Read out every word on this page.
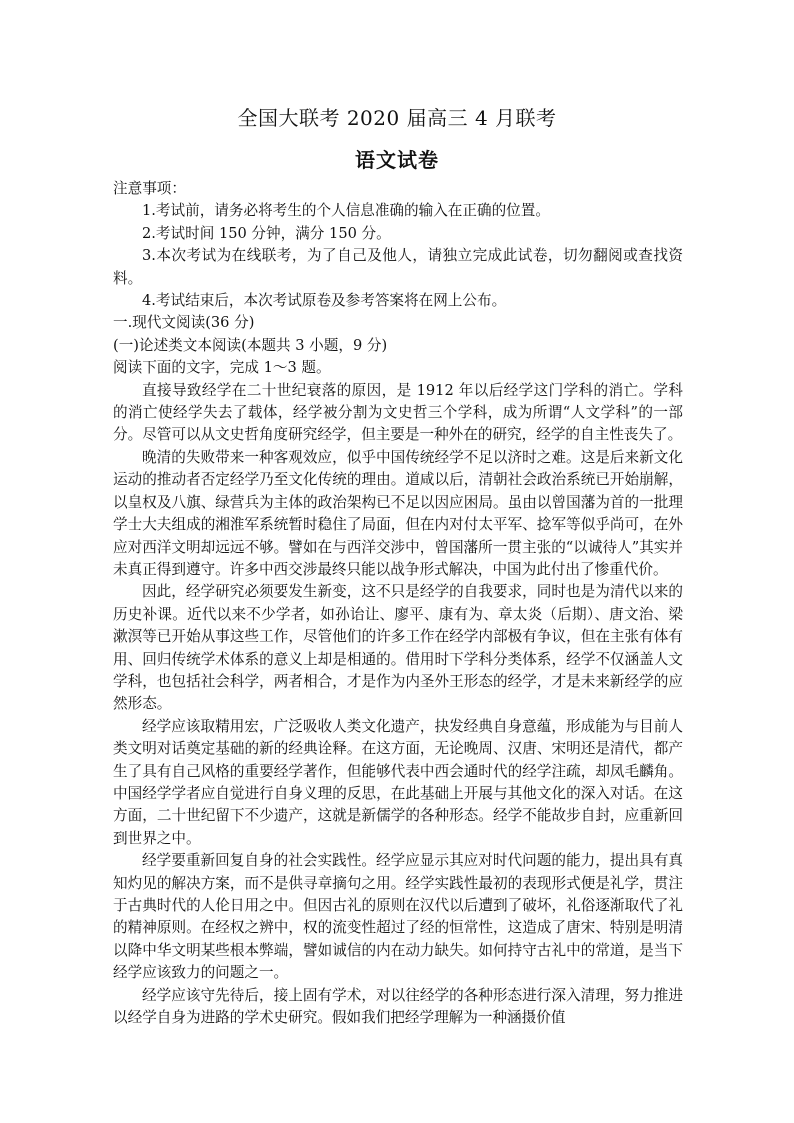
全国大联考 2020 届高三 4 月联考
语文试卷

注意事项：

1.考试前，请务必将考生的个人信息准确的输入在正确的位置。

2.考试时间 150 分钟，满分 150 分。

3.本次考试为在线联考，为了自己及他人，请独立完成此试卷，切勿翻阅或查找资料。

4.考试结束后，本次考试原卷及参考答案将在网上公布。

一.现代文阅读(36 分)

(一)论述类文本阅读(本题共 3 小题，9 分)

阅读下面的文字，完成 1～3 题。

直接导致经学在二十世纪衰落的原因，是 1912 年以后经学这门学科的消亡。学科的消亡使经学失去了载体，经学被分割为文史哲三个学科，成为所谓“人文学科”的一部分。尽管可以从文史哲角度研究经学，但主要是一种外在的研究，经学的自主性丧失了。

晚清的失败带来一种客观效应，似乎中国传统经学不足以济时之难。这是后来新文化运动的推动者否定经学乃至文化传统的理由。道咸以后，清朝社会政治系统已开始崩解，以皇权及八旗、绿营兵为主体的政治架构已不足以因应困局。虽由以曾国藩为首的一批理学士大夫组成的湘淮军系统暂时稳住了局面，但在内对付太平军、捻军等似乎尚可，在外应对西洋文明却远远不够。譬如在与西洋交涉中，曾国藩所一贯主张的“以诚待人”其实并未真正得到遵守。许多中西交涉最终只能以战争形式解决，中国为此付出了惨重代价。

因此，经学研究必须要发生新变，这不只是经学的自我要求，同时也是为清代以来的历史补课。近代以来不少学者，如孙诒让、廖平、康有为、章太炎（后期）、唐文治、梁漱溟等已开始从事这些工作，尽管他们的许多工作在经学内部极有争议，但在主张有体有用、回归传统学术体系的意义上却是相通的。借用时下学科分类体系，经学不仅涵盖人文学科，也包括社会科学，两者相合，才是作为内圣外王形态的经学，才是未来新经学的应然形态。

经学应该取精用宏，广泛吸收人类文化遗产，抉发经典自身意蕴，形成能为与目前人类文明对话奠定基础的新的经典诠释。在这方面，无论晚周、汉唐、宋明还是清代，都产生了具有自己风格的重要经学著作，但能够代表中西会通时代的经学注疏，却凤毛麟角。中国经学学者应自觉进行自身义理的反思，在此基础上开展与其他文化的深入对话。在这方面，二十世纪留下不少遗产，这就是新儒学的各种形态。经学不能故步自封，应重新回到世界之中。

经学要重新回复自身的社会实践性。经学应显示其应对时代问题的能力，提出具有真知灼见的解决方案，而不是供寻章摘句之用。经学实践性最初的表现形式便是礼学，贯注于古典时代的人伦日用之中。但因古礼的原则在汉代以后遭到了破坏，礼俗逐渐取代了礼的精神原则。在经权之辨中，权的流变性超过了经的恒常性，这造成了唐宋、特别是明清以降中华文明某些根本弊端，譬如诚信的内在动力缺失。如何持守古礼中的常道，是当下经学应该致力的问题之一。

经学应该守先待后，接上固有学术，对以往经学的各种形态进行深入清理，努力推进以经学自身为进路的学术史研究。假如我们把经学理解为一种涵摄价值
